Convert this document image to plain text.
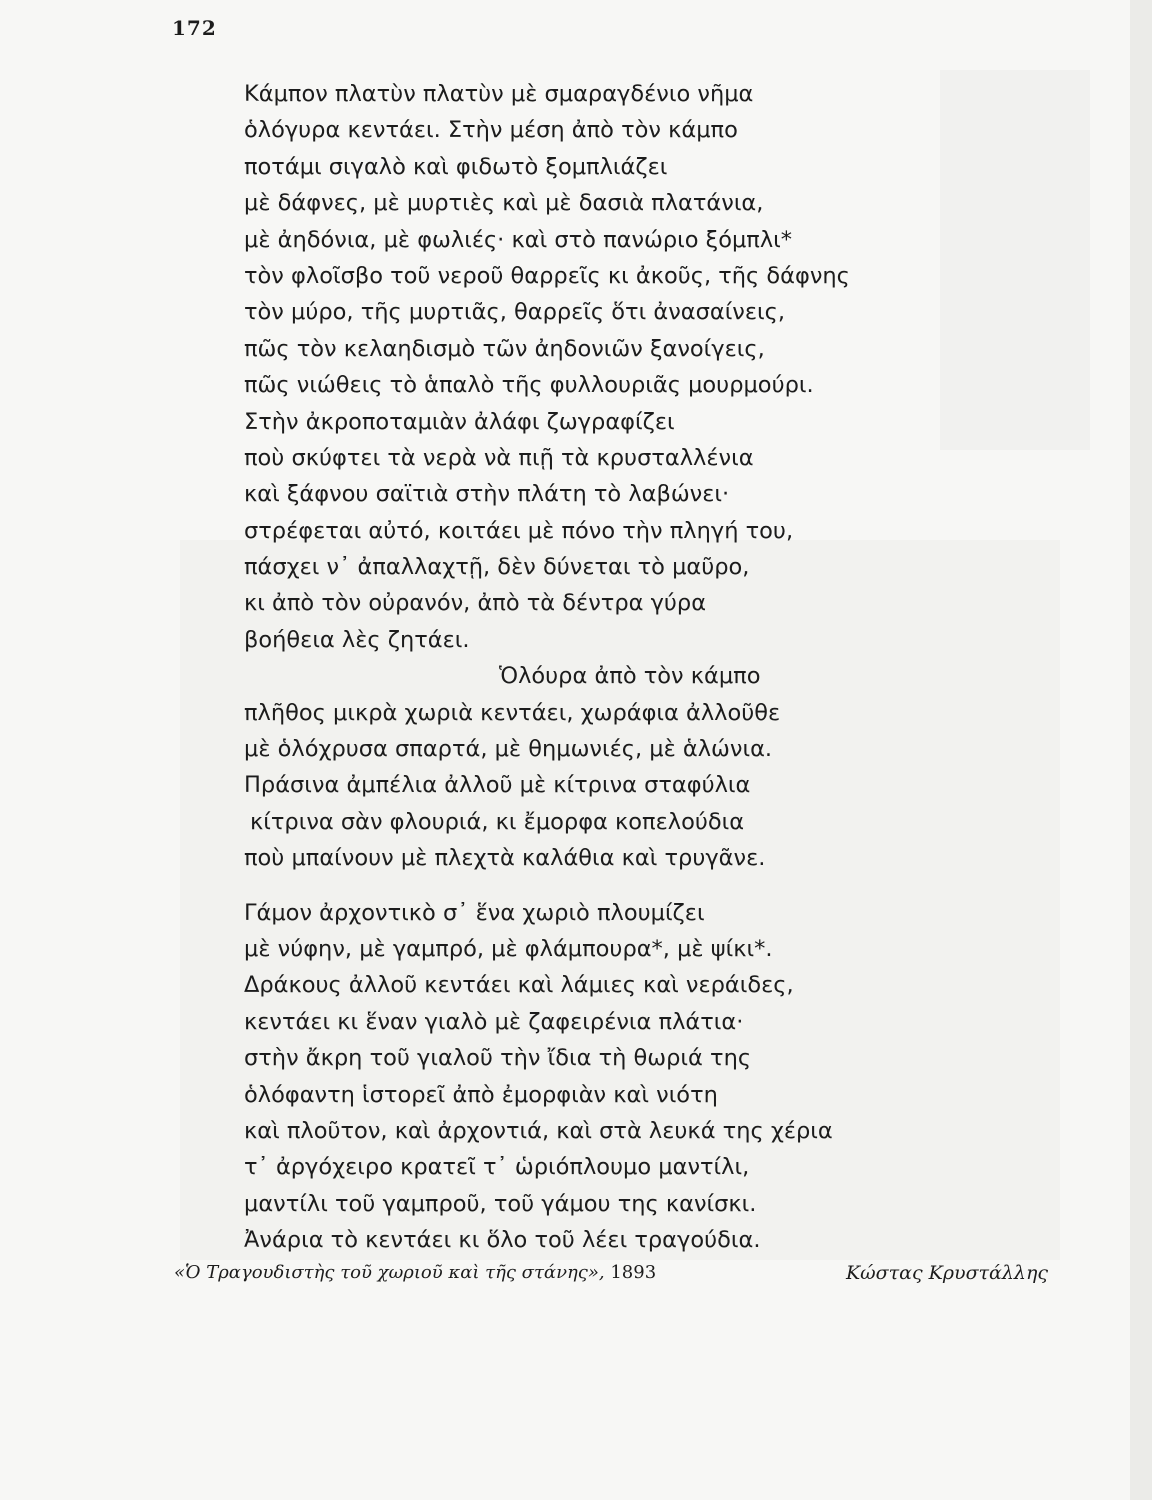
172
Κάμπον πλατὺν πλατὺν μὲ σμαραγδένιο νῆμα
ὁλόγυρα κεντάει. Στὴν μέση ἀπὸ τὸν κάμπο
ποτάμι σιγαλὸ καὶ φιδωτὸ ξομπλιάζει
μὲ δάφνες, μὲ μυρτιὲς καὶ μὲ δασιὰ πλατάνια,
μὲ ἀηδόνια, μὲ φωλιές· καὶ στὸ πανώριο ξόμπλι*
τὸν φλοῖσβο τοῦ νεροῦ θαρρεῖς κι ἀκοῦς, τῆς δάφνης
τὸν μύρο, τῆς μυρτιᾶς, θαρρεῖς ὅτι ἀνασαίνεις,
πῶς τὸν κελαηδισμὸ τῶν ἀηδονιῶν ξανοίγεις,
πῶς νιώθεις τὸ ἁπαλὸ τῆς φυλλουριᾶς μουρμούρι.
Στὴν ἀκροποταμιὰν ἀλάφι ζωγραφίζει
ποὺ σκύφτει τὰ νερὰ νὰ πιῇ τὰ κρυσταλλένια
καὶ ξάφνου σαϊτιὰ στὴν πλάτη τὸ λαβώνει·
στρέφεται αὐτό, κοιτάει μὲ πόνο τὴν πληγή του,
πάσχει ν᾽ ἀπαλλαχτῇ, δὲν δύνεται τὸ μαῦρο,
κι ἀπὸ τὸν οὐρανόν, ἀπὸ τὰ δέντρα γύρα
βοήθεια λὲς ζητάει.
Ὁλόυρα ἀπὸ τὸν κάμπο
πλῆθος μικρὰ χωριὰ κεντάει, χωράφια ἀλλοῦθε
μὲ ὁλόχρυσα σπαρτά, μὲ θημωνιές, μὲ ἁλώνια.
Πράσινα ἀμπέλια ἀλλοῦ μὲ κίτρινα σταφύλια
κίτρινα σὰν φλουριά, κι ἔμορφα κοπελούδια
ποὺ μπαίνουν μὲ πλεχτὰ καλάθια καὶ τρυγᾶνε.
Γάμον ἀρχοντικὸ σ᾽ ἕνα χωριὸ πλουμίζει
μὲ νύφην, μὲ γαμπρό, μὲ φλάμπουρα*, μὲ ψίκι*.
Δράκους ἀλλοῦ κεντάει καὶ λάμιες καὶ νεράιδες,
κεντάει κι ἕναν γιαλὸ μὲ ζαφειρένια πλάτια·
στὴν ἄκρη τοῦ γιαλοῦ τὴν ἴδια τὴ θωριά της
ὁλόφαντη ἱστορεῖ ἀπὸ ἐμορφιὰν καὶ νιότη
καὶ πλοῦτον, καὶ ἀρχοντιά, καὶ στὰ λευκά της χέρια
τ᾽ ἀργόχειρο κρατεῖ τ᾽ ὡριόπλουμο μαντίλι,
μαντίλι τοῦ γαμπροῦ, τοῦ γάμου της κανίσκι.
Ἀνάρια τὸ κεντάει κι ὅλο τοῦ λέει τραγούδια.
«Ὁ Τραγουδιστὴς τοῦ χωριοῦ καὶ τῆς στάνης», 1893	Κώστας Κρυστάλλης
